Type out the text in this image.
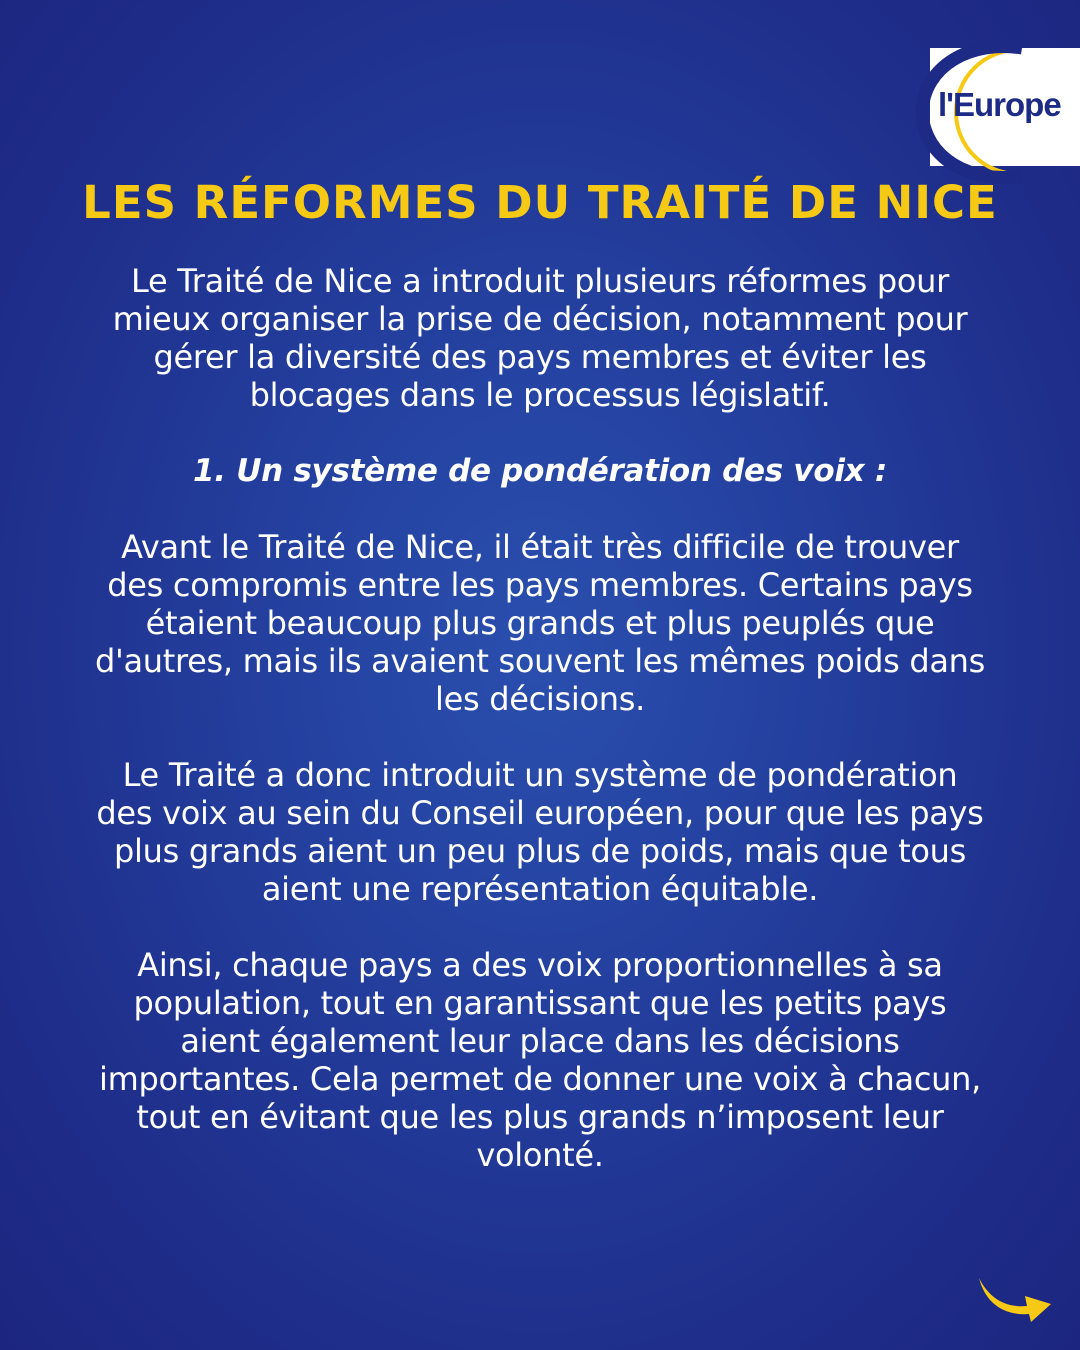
l'Europe
LES RÉFORMES DU TRAITÉ DE NICE

Le Traité de Nice a introduit plusieurs réformes pour mieux organiser la prise de décision, notamment pour gérer la diversité des pays membres et éviter les blocages dans le processus législatif.

1. Un système de pondération des voix :

Avant le Traité de Nice, il était très difficile de trouver des compromis entre les pays membres. Certains pays étaient beaucoup plus grands et plus peuplés que d'autres, mais ils avaient souvent les mêmes poids dans les décisions.

Le Traité a donc introduit un système de pondération des voix au sein du Conseil européen, pour que les pays plus grands aient un peu plus de poids, mais que tous aient une représentation équitable.

Ainsi, chaque pays a des voix proportionnelles à sa population, tout en garantissant que les petits pays aient également leur place dans les décisions importantes. Cela permet de donner une voix à chacun, tout en évitant que les plus grands n’imposent leur volonté.
